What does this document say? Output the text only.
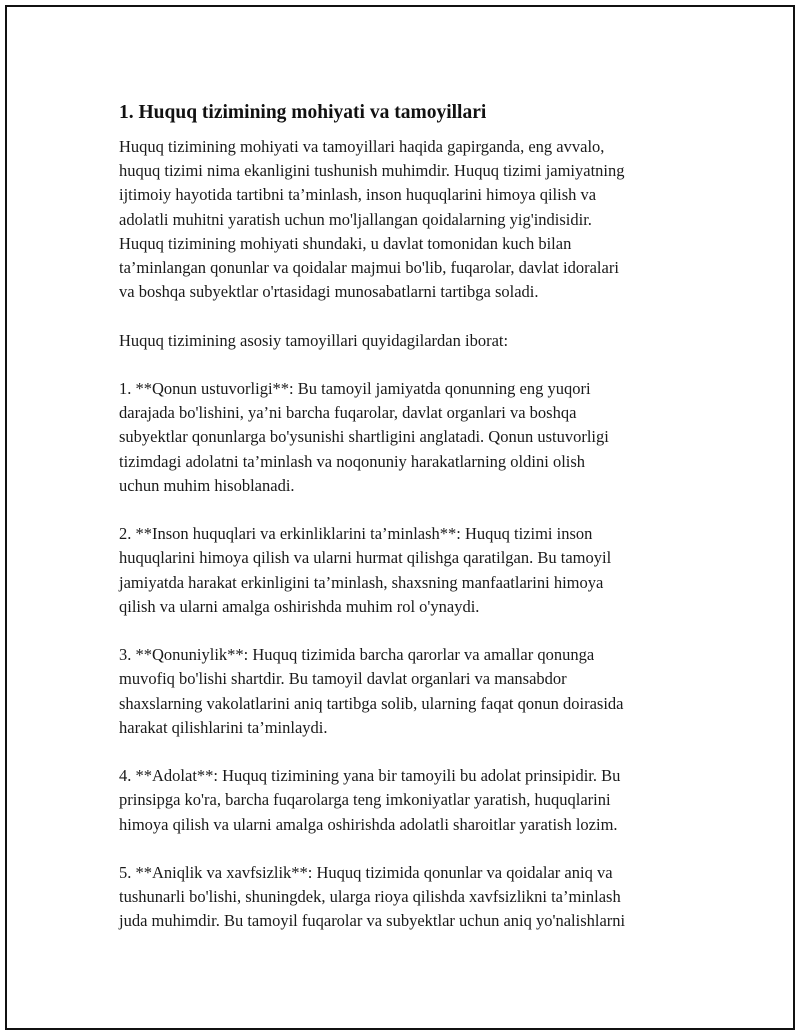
1. Huquq tizimining mohiyati va tamoyillari

Huquq tizimining mohiyati va tamoyillari haqida gapirganda, eng avvalo,
huquq tizimi nima ekanligini tushunish muhimdir. Huquq tizimi jamiyatning
ijtimoiy hayotida tartibni ta’minlash, inson huquqlarini himoya qilish va
adolatli muhitni yaratish uchun mo'ljallangan qoidalarning yig'indisidir.
Huquq tizimining mohiyati shundaki, u davlat tomonidan kuch bilan
ta’minlangan qonunlar va qoidalar majmui bo'lib, fuqarolar, davlat idoralari
va boshqa subyektlar o'rtasidagi munosabatlarni tartibga soladi.

Huquq tizimining asosiy tamoyillari quyidagilardan iborat:

1. **Qonun ustuvorligi**: Bu tamoyil jamiyatda qonunning eng yuqori
darajada bo'lishini, ya’ni barcha fuqarolar, davlat organlari va boshqa
subyektlar qonunlarga bo'ysunishi shartligini anglatadi. Qonun ustuvorligi
tizimdagi adolatni ta’minlash va noqonuniy harakatlarning oldini olish
uchun muhim hisoblanadi.

2. **Inson huquqlari va erkinliklarini ta’minlash**: Huquq tizimi inson
huquqlarini himoya qilish va ularni hurmat qilishga qaratilgan. Bu tamoyil
jamiyatda harakat erkinligini ta’minlash, shaxsning manfaatlarini himoya
qilish va ularni amalga oshirishda muhim rol o'ynaydi.

3. **Qonuniylik**: Huquq tizimida barcha qarorlar va amallar qonunga
muvofiq bo'lishi shartdir. Bu tamoyil davlat organlari va mansabdor
shaxslarning vakolatlarini aniq tartibga solib, ularning faqat qonun doirasida
harakat qilishlarini ta’minlaydi.

4. **Adolat**: Huquq tizimining yana bir tamoyili bu adolat prinsipidir. Bu
prinsipga ko'ra, barcha fuqarolarga teng imkoniyatlar yaratish, huquqlarini
himoya qilish va ularni amalga oshirishda adolatli sharoitlar yaratish lozim.

5. **Aniqlik va xavfsizlik**: Huquq tizimida qonunlar va qoidalar aniq va
tushunarli bo'lishi, shuningdek, ularga rioya qilishda xavfsizlikni ta’minlash
juda muhimdir. Bu tamoyil fuqarolar va subyektlar uchun aniq yo'nalishlarni
